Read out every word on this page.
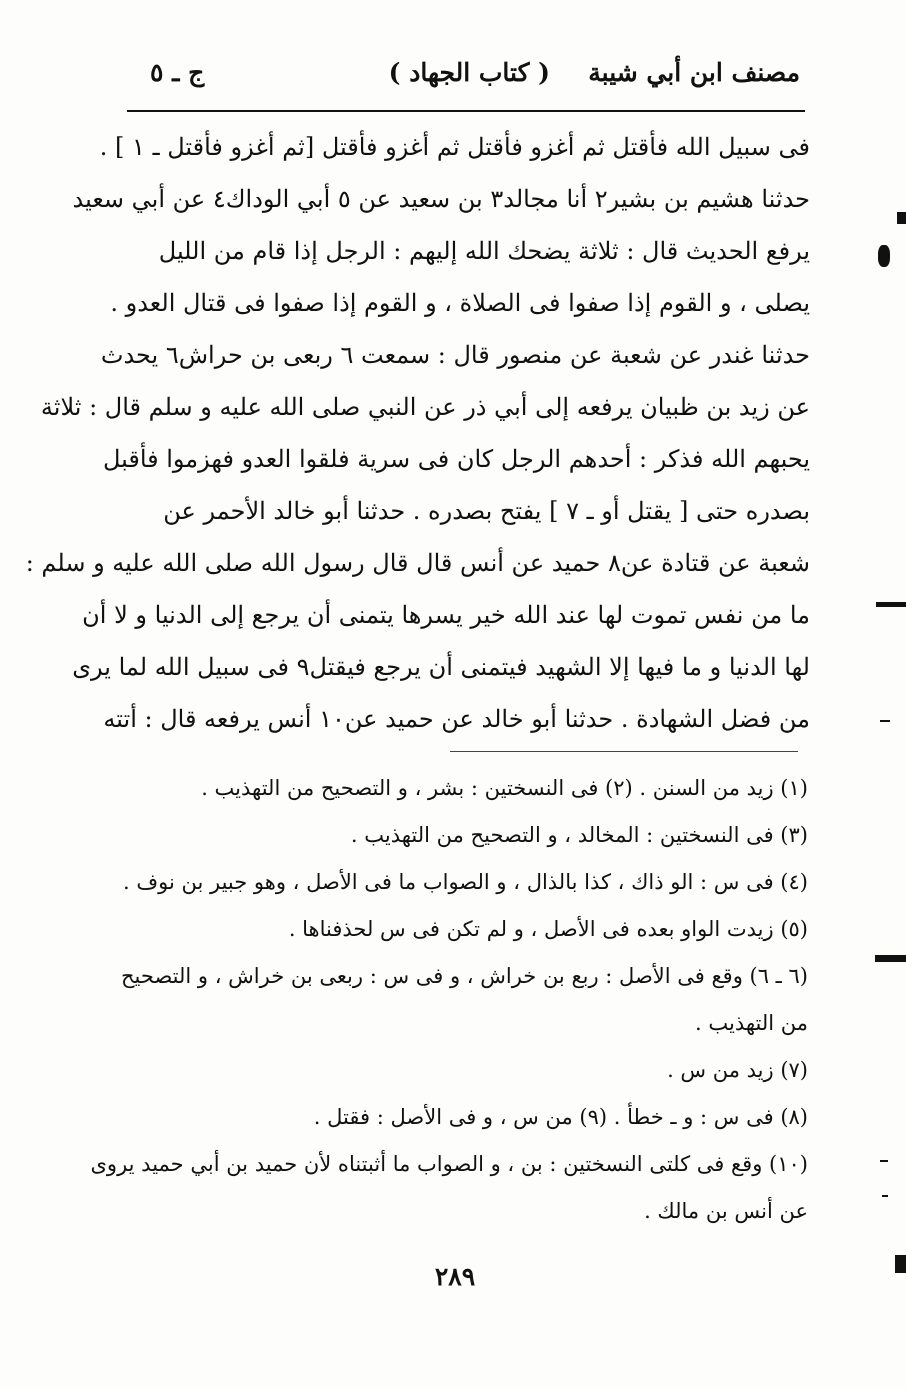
مصنف ابن أبي شيبة
( كتاب الجهاد )
ج ـ ٥
فى سبيل الله فأقتل ثم أغزو فأقتل ثم أغزو فأقتل [ثم أغزو فأقتل ـ ١ ] .
حدثنا هشيم بن بشير٢ أنا مجالد٣ بن سعيد عن ٥ أبي الوداك٤ عن أبي سعيد
يرفع الحديث قال : ثلاثة يضحك الله إليهم : الرجل إذا قام من الليل
يصلى ، و القوم إذا صفوا فى الصلاة ، و القوم إذا صفوا فى قتال العدو .
حدثنا غندر عن شعبة عن منصور قال : سمعت ٦ ربعى بن حراش٦ يحدث
عن زيد بن ظبيان يرفعه إلى أبي ذر عن النبي صلى الله عليه و سلم قال : ثلاثة
يحبهم الله فذكر : أحدهم الرجل كان فى سرية فلقوا العدو فهزموا فأقبل
بصدره حتى [ يقتل أو ـ ٧ ] يفتح بصدره . حدثنا أبو خالد الأحمر عن
شعبة عن قتادة عن٨ حميد عن أنس قال قال رسول الله صلى الله عليه و سلم :
ما من نفس تموت لها عند الله خير يسرها يتمنى أن يرجع إلى الدنيا و لا أن
لها الدنيا و ما فيها إلا الشهيد فيتمنى أن يرجع فيقتل٩ فى سبيل الله لما يرى
من فضل الشهادة . حدثنا أبو خالد عن حميد عن١٠ أنس يرفعه قال : أتته
(١) زيد من السنن . (٢) فى النسختين : بشر ، و التصحيح من التهذيب .
(٣) فى النسختين : المخالد ، و التصحيح من التهذيب .
(٤) فى س : الو ذاك ، كذا بالذال ، و الصواب ما فى الأصل ، وهو جبير بن نوف .
(٥) زيدت الواو بعده فى الأصل ، و لم تكن فى س لحذفناها .
(٦ ـ ٦) وقع فى الأصل : ربع بن خراش ، و فى س : ربعى بن خراش ، و التصحيح
من التهذيب .
(٧) زيد من س .
(٨) فى س : و ـ خطأ . (٩) من س ، و فى الأصل : فقتل .
(١٠) وقع فى كلتى النسختين : بن ، و الصواب ما أثبتناه لأن حميد بن أبي حميد يروى
عن أنس بن مالك .
٢٨٩
